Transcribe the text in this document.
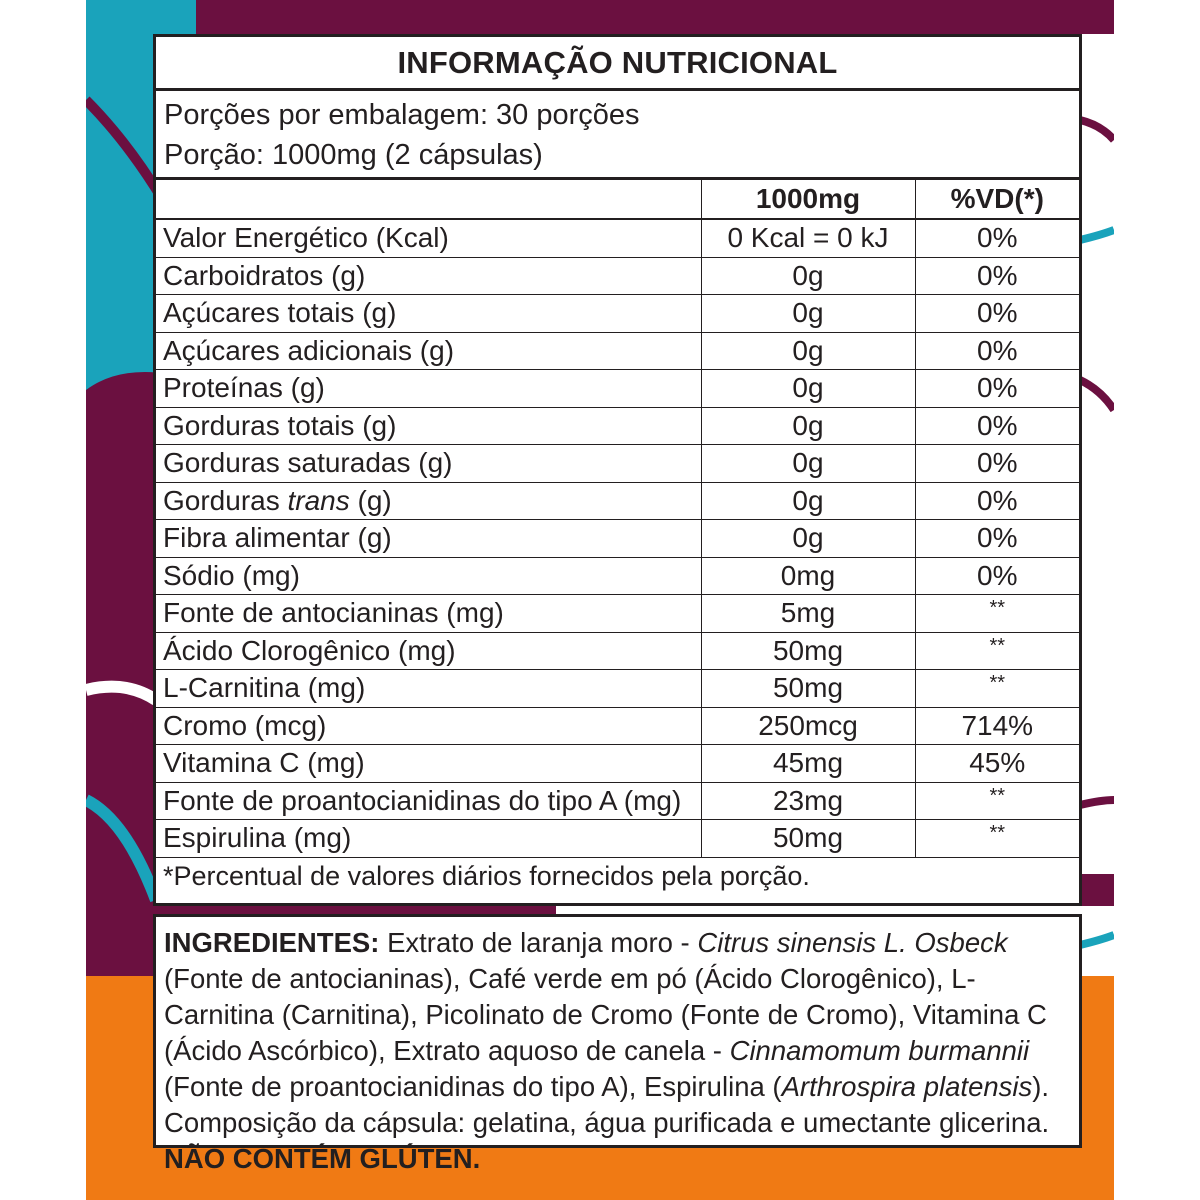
INFORMAÇÃO NUTRICIONAL
Porções por embalagem: 30 porções
Porção: 1000mg (2 cápsulas)
	1000mg	%VD(*)
Valor Energético (Kcal)	0 Kcal = 0 kJ	0%
Carboidratos (g)	0g	0%
Açúcares totais (g)	0g	0%
Açúcares adicionais (g)	0g	0%
Proteínas (g)	0g	0%
Gorduras totais (g)	0g	0%
Gorduras saturadas (g)	0g	0%
Gorduras trans (g)	0g	0%
Fibra alimentar (g)	0g	0%
Sódio (mg)	0mg	0%
Fonte de antocianinas (mg)	5mg	**
Ácido Clorogênico (mg)	50mg	**
L-Carnitina (mg)	50mg	**
Cromo (mcg)	250mcg	714%
Vitamina C (mg)	45mg	45%
Fonte de proantocianidinas do tipo A (mg)	23mg	**
Espirulina (mg)	50mg	**
*Percentual de valores diários fornecidos pela porção.		
INGREDIENTES: Extrato de laranja moro - Citrus sinensis L. Osbeck (Fonte de antocianinas), Café verde em pó (Ácido Clorogênico), L-Carnitina (Carnitina), Picolinato de Cromo (Fonte de Cromo), Vitamina C (Ácido Ascórbico), Extrato aquoso de canela - Cinnamomum burmannii (Fonte de proantocianidinas do tipo A), Espirulina (Arthrospira platensis). Composição da cápsula: gelatina, água purificada e umectante glicerina. NÃO CONTÉM GLÚTEN.
